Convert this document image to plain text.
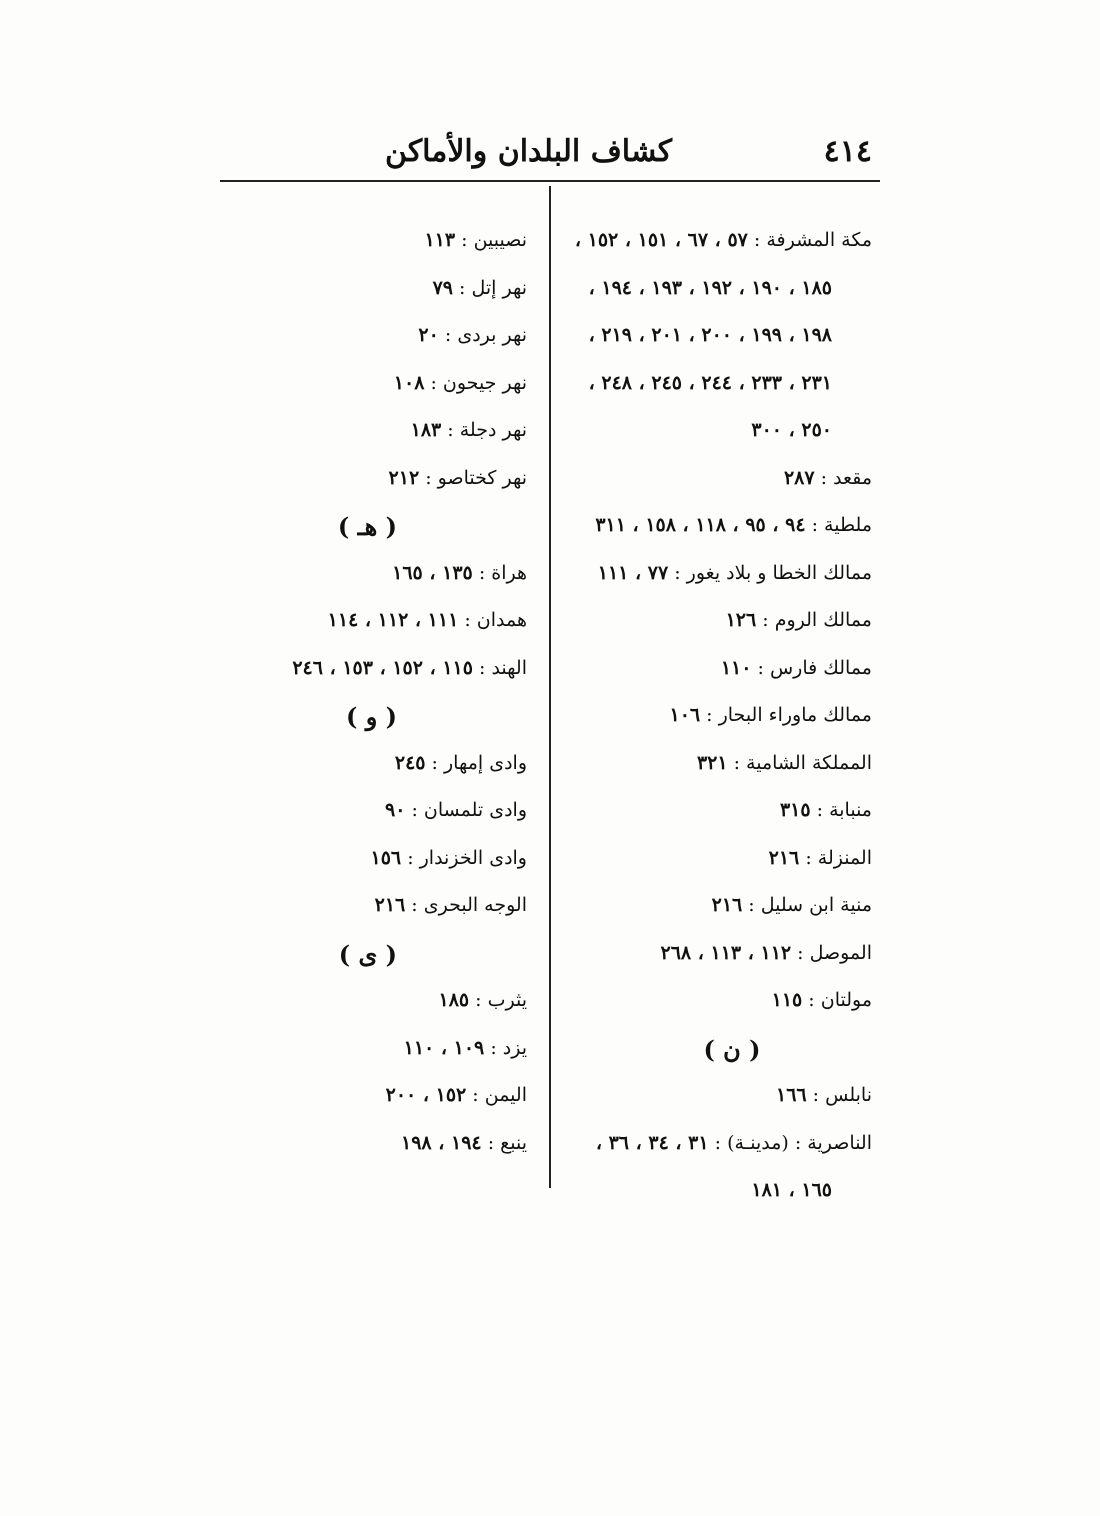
٤١٤
كشاف البلدان والأماكن
مكة المشرفة : ٥٧ ، ٦٧ ، ١٥١ ، ١٥٢ ،
١٨٥ ، ١٩٠ ، ١٩٢ ، ١٩٣ ، ١٩٤ ،
١٩٨ ، ١٩٩ ، ٢٠٠ ، ٢٠١ ، ٢١٩ ،
٢٣١ ، ٢٣٣ ، ٢٤٤ ، ٢٤٥ ، ٢٤٨ ،
٢٥٠ ، ٣٠٠
مقعد : ٢٨٧
ملطية : ٩٤ ، ٩٥ ، ١١٨ ، ١٥٨ ، ٣١١
ممالك الخطا و بلاد يغور : ٧٧ ، ١١١
ممالك الروم : ١٢٦
ممالك فارس : ١١٠
ممالك ماوراء البحار : ١٠٦
المملكة الشامية : ٣٢١
منبابة : ٣١٥
المنزلة : ٢١٦
منية ابن سليل : ٢١٦
الموصل : ١١٢ ، ١١٣ ، ٢٦٨
مولتان : ١١٥
( ن )
نابلس : ١٦٦
الناصرية : (مدينـة) : ٣١ ، ٣٤ ، ٣٦ ،
١٦٥ ، ١٨١
نصيبين : ١١٣
نهر إتل : ٧٩
نهر بردى : ٢٠
نهر جيحون : ١٠٨
نهر دجلة : ١٨٣
نهر كختاصو : ٢١٢
( هـ )
هراة : ١٣٥ ، ١٦٥
همدان : ١١١ ، ١١٢ ، ١١٤
الهند : ١١٥ ، ١٥٢ ، ١٥٣ ، ٢٤٦
( و )
وادى إمهار : ٢٤٥
وادى تلمسان : ٩٠
وادى الخزندار : ١٥٦
الوجه البحرى : ٢١٦
( ى )
يثرب : ١٨٥
يزد : ١٠٩ ، ١١٠
اليمن : ١٥٢ ، ٢٠٠
ينبع : ١٩٤ ، ١٩٨
